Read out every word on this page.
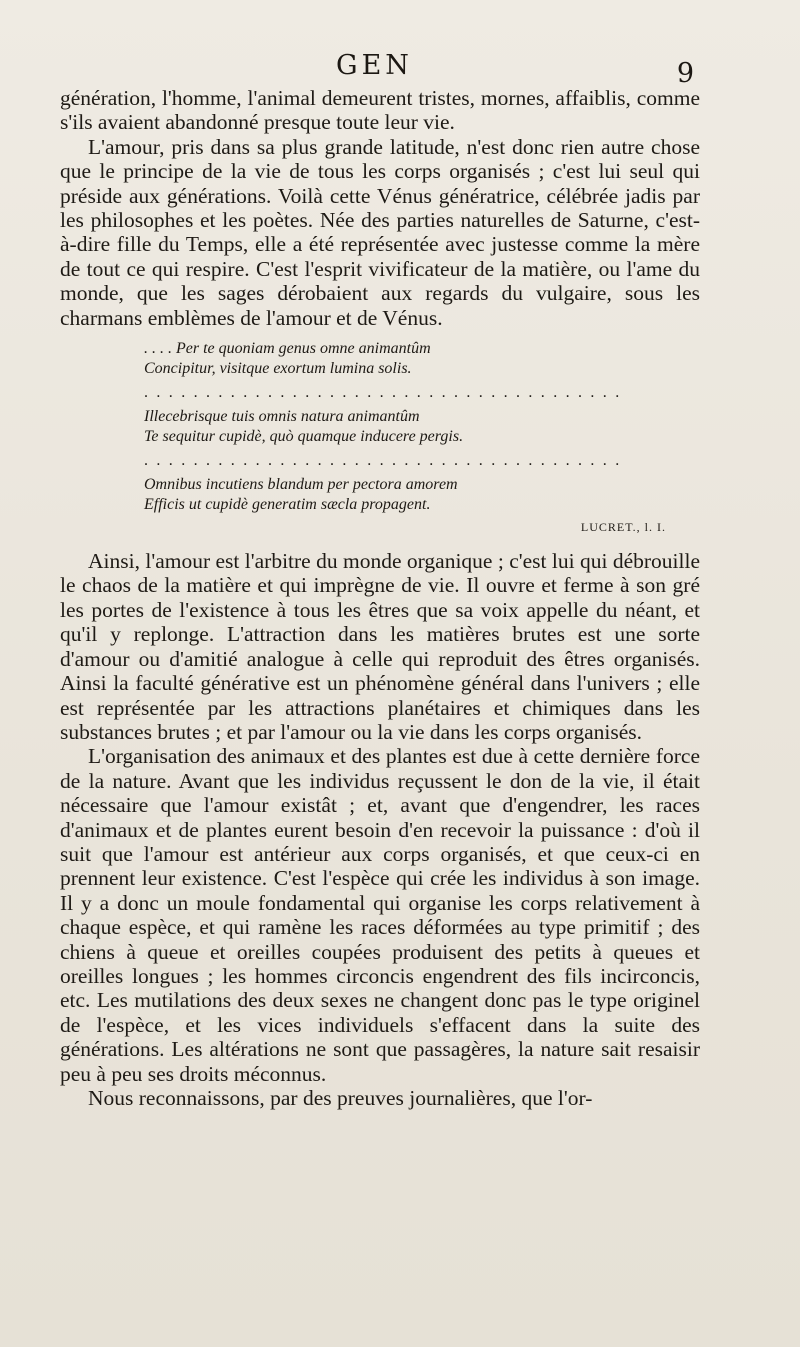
GEN	9

génération, l'homme, l'animal demeurent tristes, mornes, affaiblis, comme s'ils avaient abandonné presque toute leur vie.

L'amour, pris dans sa plus grande latitude, n'est donc rien autre chose que le principe de la vie de tous les corps organisés ; c'est lui seul qui préside aux générations. Voilà cette Vénus génératrice, célébrée jadis par les philosophes et les poètes. Née des parties naturelles de Saturne, c'est-à-dire fille du Temps, elle a été représentée avec justesse comme la mère de tout ce qui respire. C'est l'esprit vivificateur de la matière, ou l'ame du monde, que les sages dérobaient aux regards du vulgaire, sous les charmans emblèmes de l'amour et de Vénus.

. . . . Per te quoniam genus omne animantûm
Concipitur, visitque exortum lumina solis.
. . . . . . . . . . . . . . . . . . . . . . . . . . . . . . . . . . . . . . .
Illecebrisque tuis omnis natura animantûm
Te sequitur cupidè, quò quamque inducere pergis.
. . . . . . . . . . . . . . . . . . . . . . . . . . . . . . . . . . . . . . .
Omnibus incutiens blandum per pectora amorem
Efficis ut cupidè generatim sæcla propagent.
LUCRET., l. I.

Ainsi, l'amour est l'arbitre du monde organique ; c'est lui qui débrouille le chaos de la matière et qui imprègne de vie. Il ouvre et ferme à son gré les portes de l'existence à tous les êtres que sa voix appelle du néant, et qu'il y replonge. L'attraction dans les matières brutes est une sorte d'amour ou d'amitié analogue à celle qui reproduit des êtres organisés. Ainsi la faculté générative est un phénomène général dans l'univers ; elle est représentée par les attractions planétaires et chimiques dans les substances brutes ; et par l'amour ou la vie dans les corps organisés.

L'organisation des animaux et des plantes est due à cette dernière force de la nature. Avant que les individus reçussent le don de la vie, il était nécessaire que l'amour existât ; et, avant que d'engendrer, les races d'animaux et de plantes eurent besoin d'en recevoir la puissance : d'où il suit que l'amour est antérieur aux corps organisés, et que ceux-ci en prennent leur existence. C'est l'espèce qui crée les individus à son image. Il y a donc un moule fondamental qui organise les corps relativement à chaque espèce, et qui ramène les races déformées au type primitif ; des chiens à queue et oreilles coupées produisent des petits à queues et oreilles longues ; les hommes circoncis engendrent des fils incirconcis, etc. Les mutilations des deux sexes ne changent donc pas le type originel de l'espèce, et les vices individuels s'effacent dans la suite des générations. Les altérations ne sont que passagères, la nature sait resaisir peu à peu ses droits méconnus.

Nous reconnaissons, par des preuves journalières, que l'or-
